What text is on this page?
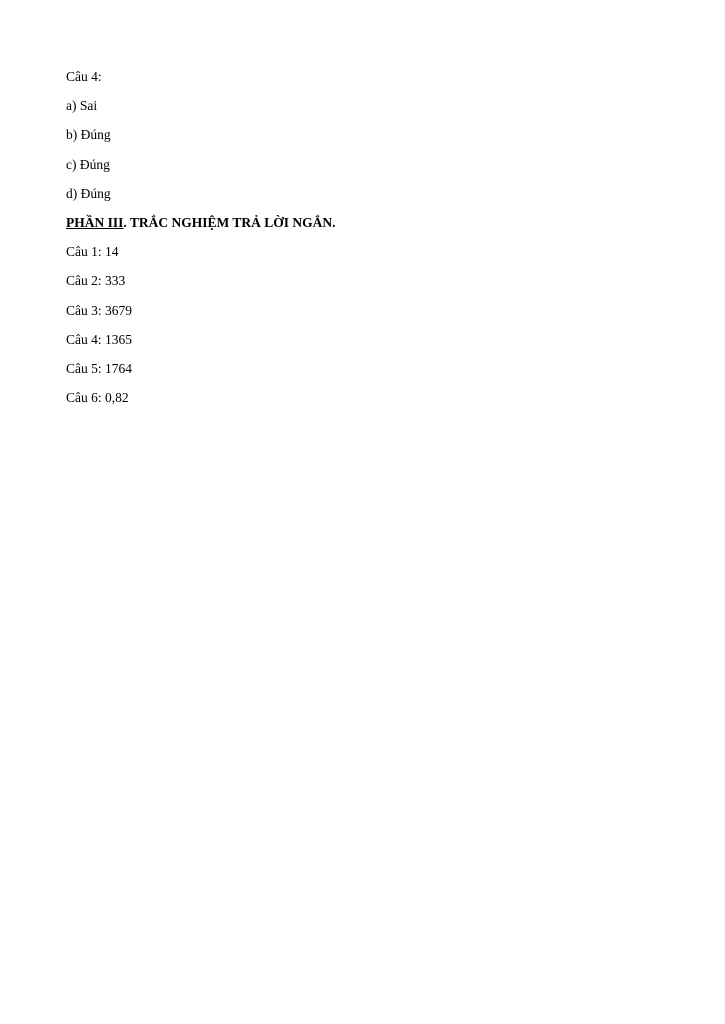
Câu 4:
a) Sai
b) Đúng
c) Đúng
d) Đúng
PHẦN III. TRẮC NGHIỆM TRẢ LỜI NGẮN.
Câu 1: 14
Câu 2: 333
Câu 3: 3679
Câu 4: 1365
Câu 5: 1764
Câu 6: 0,82
